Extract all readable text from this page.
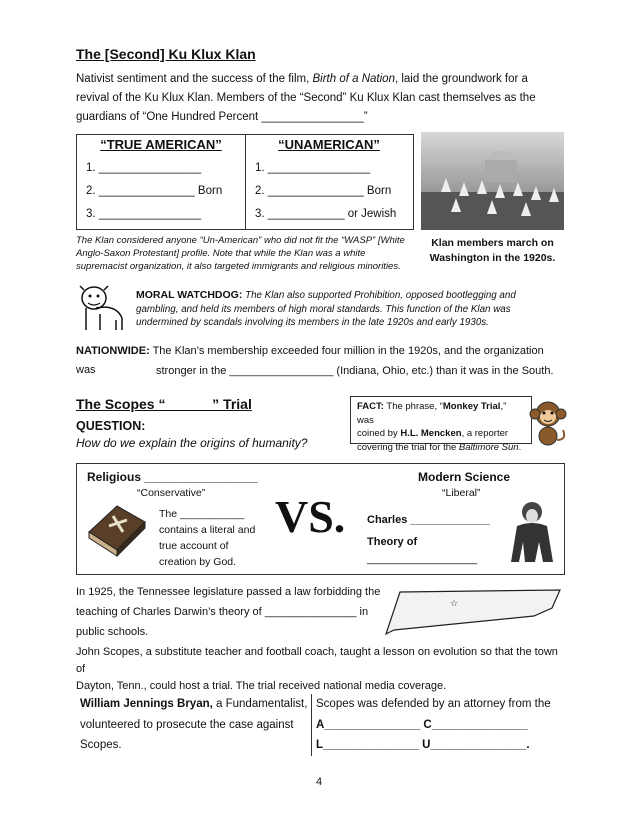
The [Second] Ku Klux Klan
Nativist sentiment and the success of the film, Birth of a Nation, laid the groundwork for a
revival of the Ku Klux Klan. Members of the “Second” Ku Klux Klan cast themselves as the
guardians of “One Hundred Percent ________________”
“TRUE AMERICAN”	“UNAMERICAN”
1. ________________
2. _______________ Born
3. ________________
1. ________________
2. _______________ Born
3. ____________ or Jewish
Klan members march on
Washington in the 1920s.
The Klan considered anyone “Un-American” who did not fit the “WASP” [White
Anglo-Saxon Protestant] profile. Note that while the Klan was a white
supremacist organization, it also targeted immigrants and religious minorities.
MORAL WATCHDOG: The Klan also supported Prohibition, opposed bootlegging and
gambling, and held its members of high moral standards. This function of the Klan was
undermined by scandals involving its members in the late 1920s and early 1930s.
NATIONWIDE: The Klan’s membership exceeded four million in the 1920s, and the organization was	stronger in the _________________ (Indiana, Ohio, etc.) than it was in the South.
The Scopes “            ” Trial
QUESTION:
How do we explain the origins of humanity?
FACT: The phrase, “Monkey Trial,” was
coined by H.L. Mencken, a reporter
covering the trial for the Baltimore Sun.
Religious _________________
“Conservative”
The ___________
contains a literal and
true account of
creation by God.
VS.
Modern Science
“Liberal”
Charles _____________
Theory of
__________________
In 1925, the Tennessee legislature passed a law forbidding the
teaching of Charles Darwin’s theory of _______________ in
public schools.
☆
John Scopes, a substitute teacher and football coach, taught a lesson on evolution so that the town of
Dayton, Tenn., could host a trial. The trial received national media coverage.
William Jennings Bryan, a Fundamentalist,
volunteered to prosecute the case against
Scopes.
Scopes was defended by an attorney from the
A_______________ C_______________
L_______________ U_______________.
4
